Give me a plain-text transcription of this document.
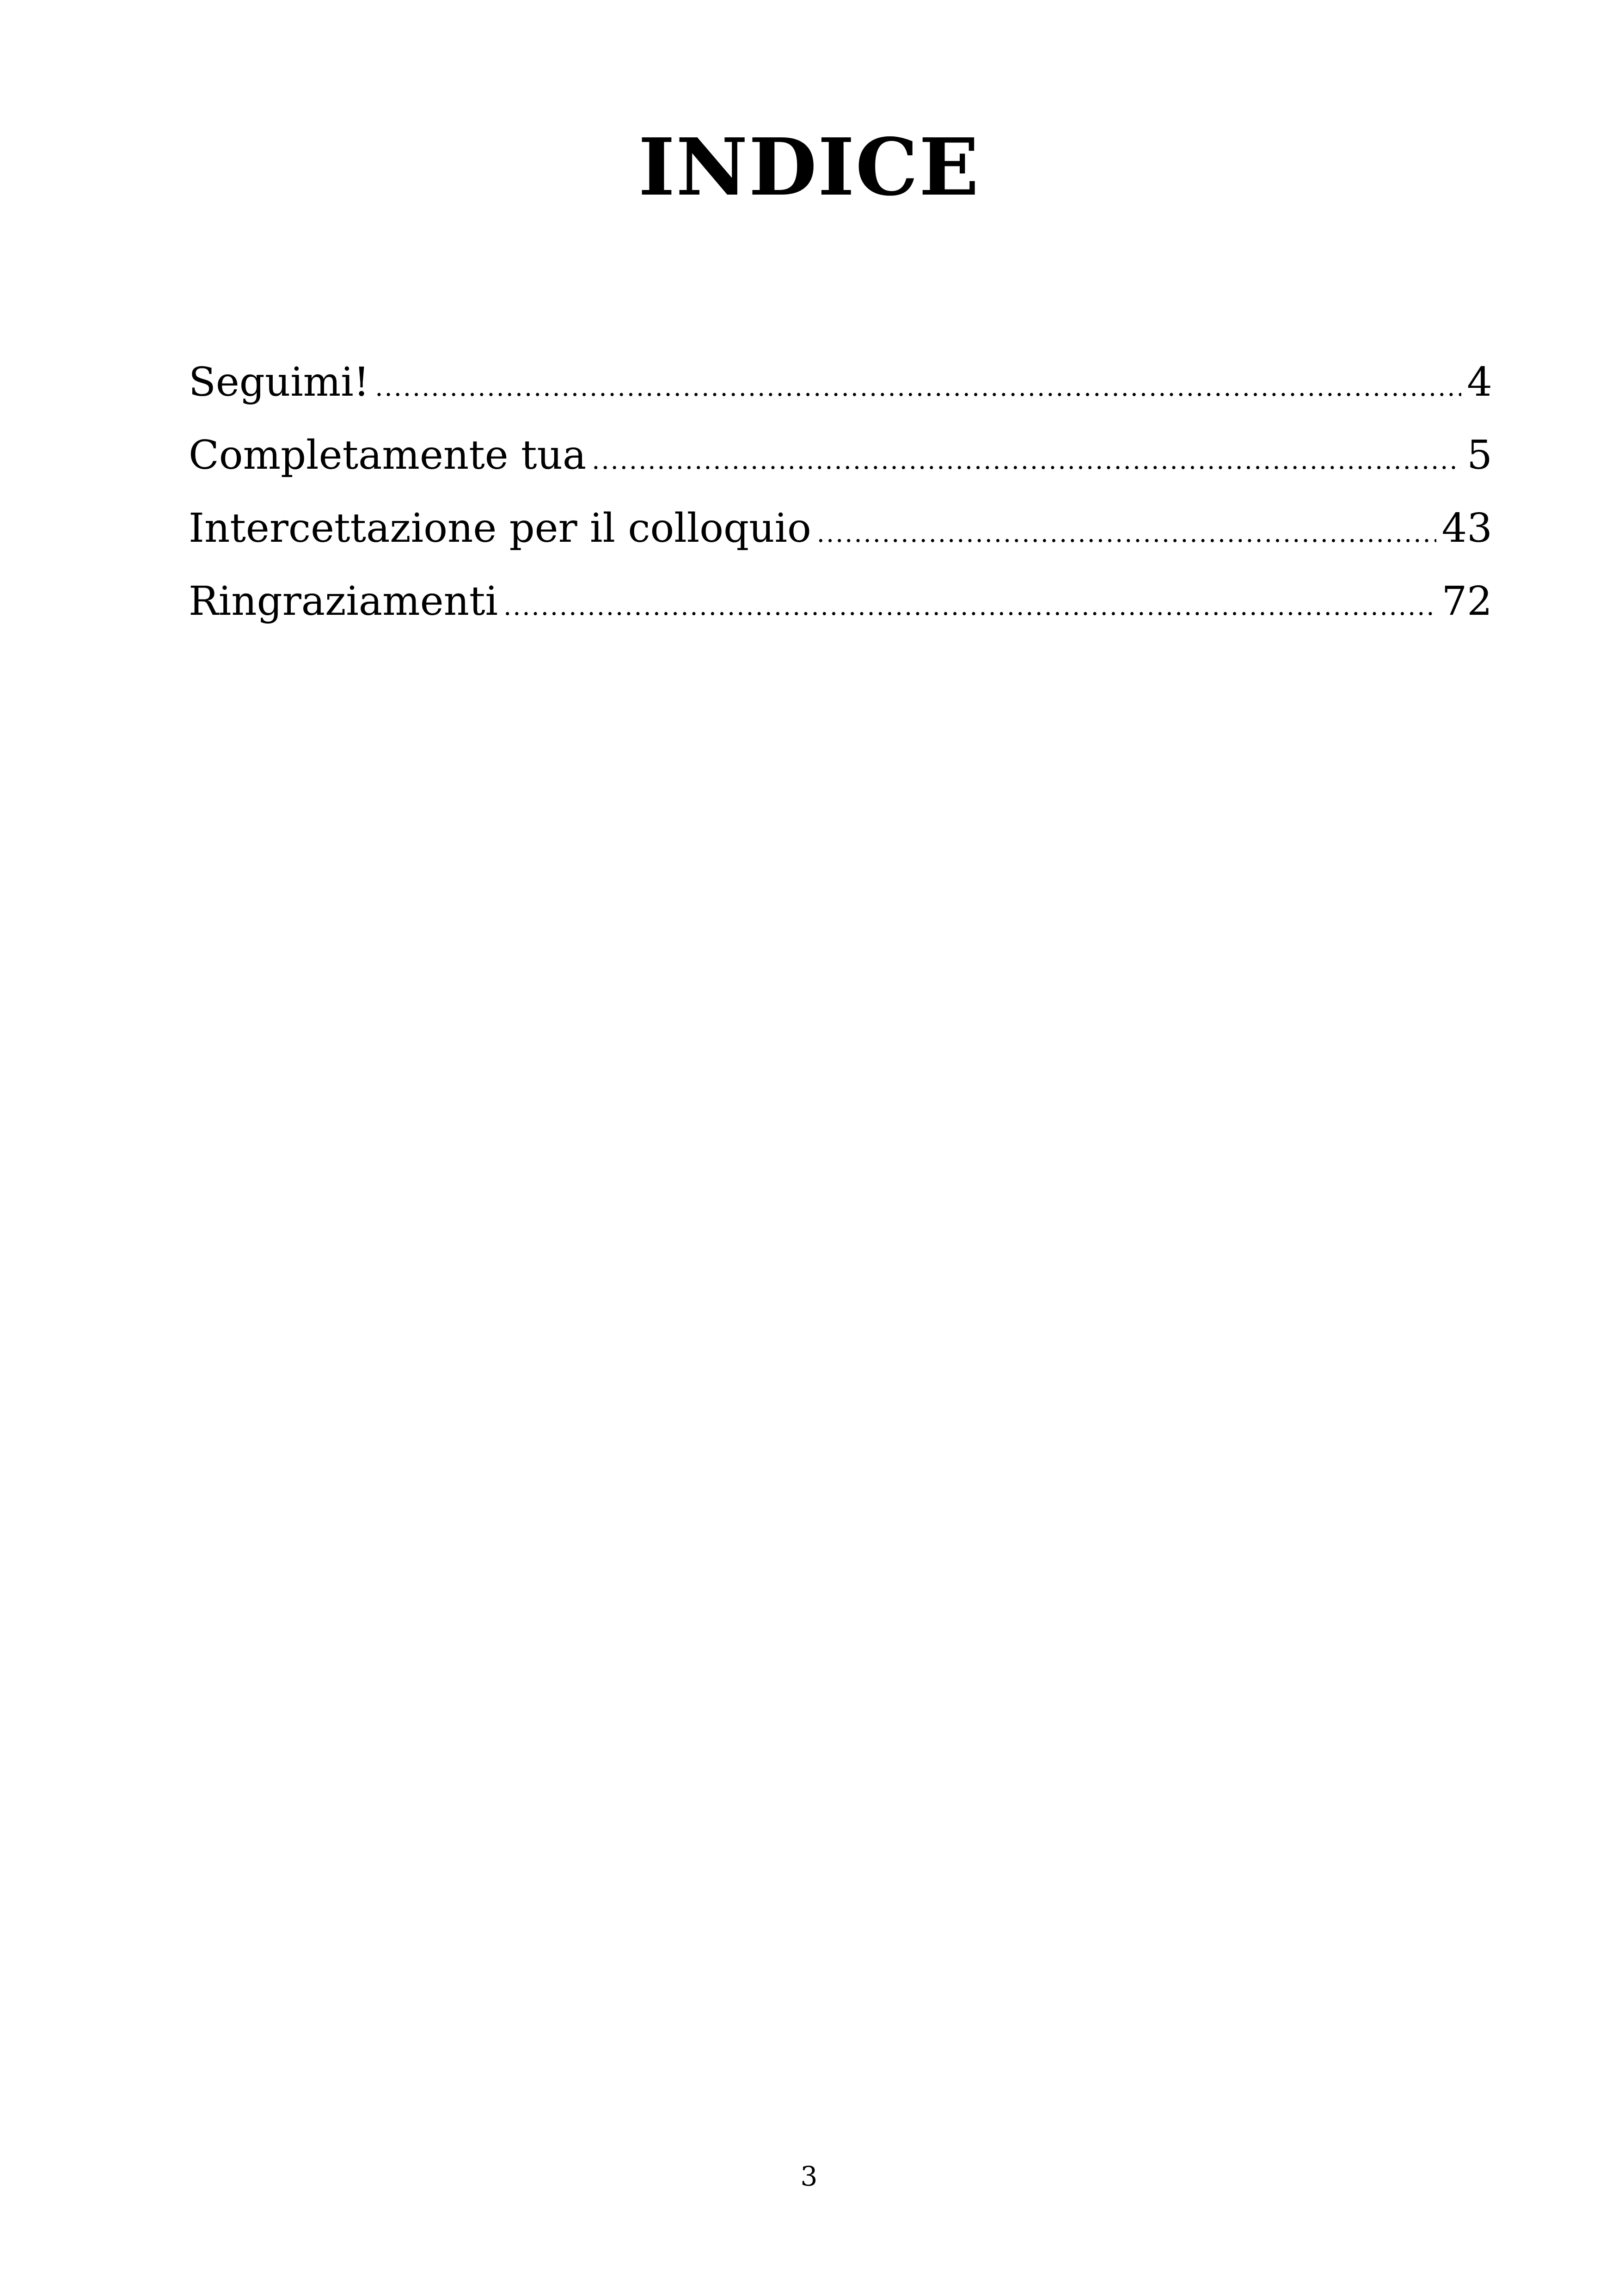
INDICE
Seguimi! .....	4
Completamente tua .....	5
Intercettazione per il colloquio .....	43
Ringraziamenti .....	72
3
